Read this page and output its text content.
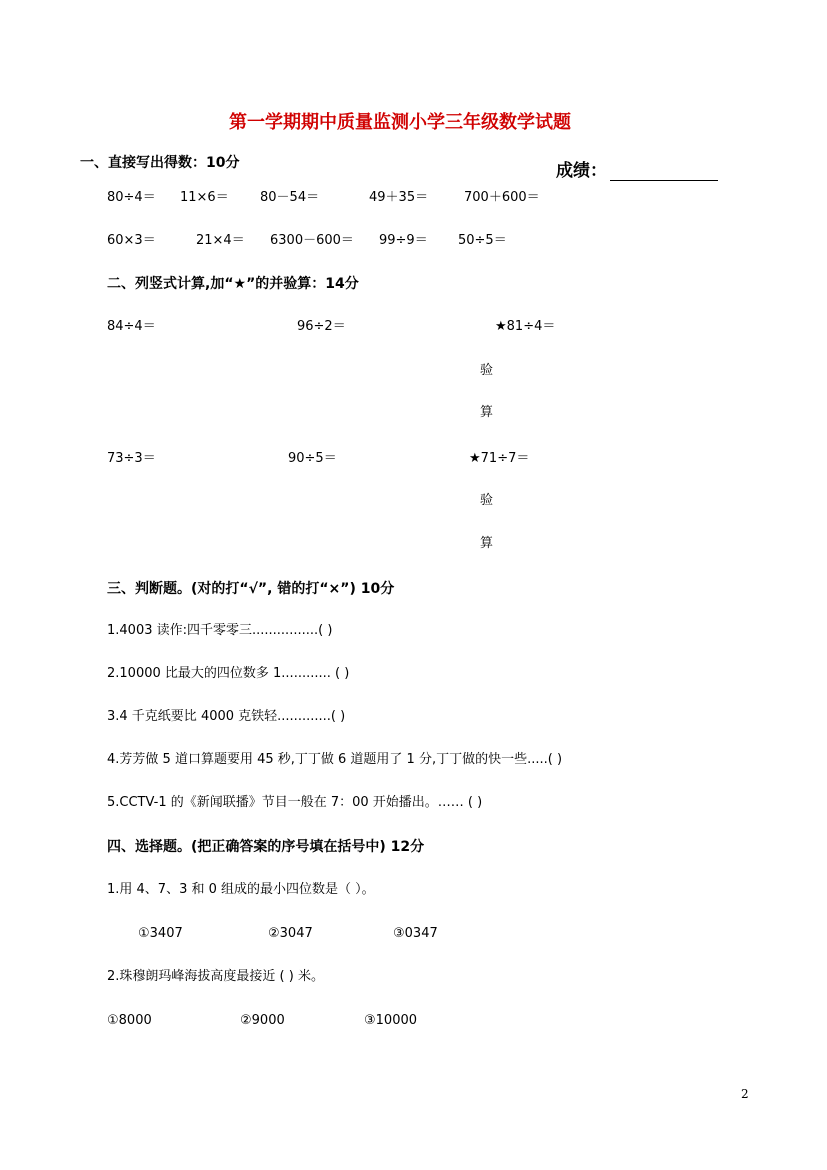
第一学期期中质量监测小学三年级数学试题
成绩：
一、直接写出得数：10分
80÷4＝ 11×6＝ 80－54＝	49＋35＝	700＋600＝
60×3＝	21×4＝ 6300－600＝ 99÷9＝ 50÷5＝
二、列竖式计算,加“★”的并验算：14分
84÷4＝	96÷2＝	★81÷4＝
验
算
73÷3＝	90÷5＝	★71÷7＝
验
算
三、判断题。(对的打“√”, 错的打“×”) 10分
1.4003 读作:四千零零三................( )
2.10000 比最大的四位数多 1............ ( )
3.4 千克纸要比 4000 克铁轻.............( )
4.芳芳做 5 道口算题要用 45 秒,丁丁做 6 道题用了 1 分,丁丁做的快一些.....( )
5.CCTV-1 的《新闻联播》节目一般在 7：00 开始播出。…… ( )
四、选择题。(把正确答案的序号填在括号中) 12分
1.用 4、7、3 和 0 组成的最小四位数是（ ）。
①3407	②3047	③0347
2.珠穆朗玛峰海拔高度最接近 ( ) 米。
①8000	②9000	③10000
2
